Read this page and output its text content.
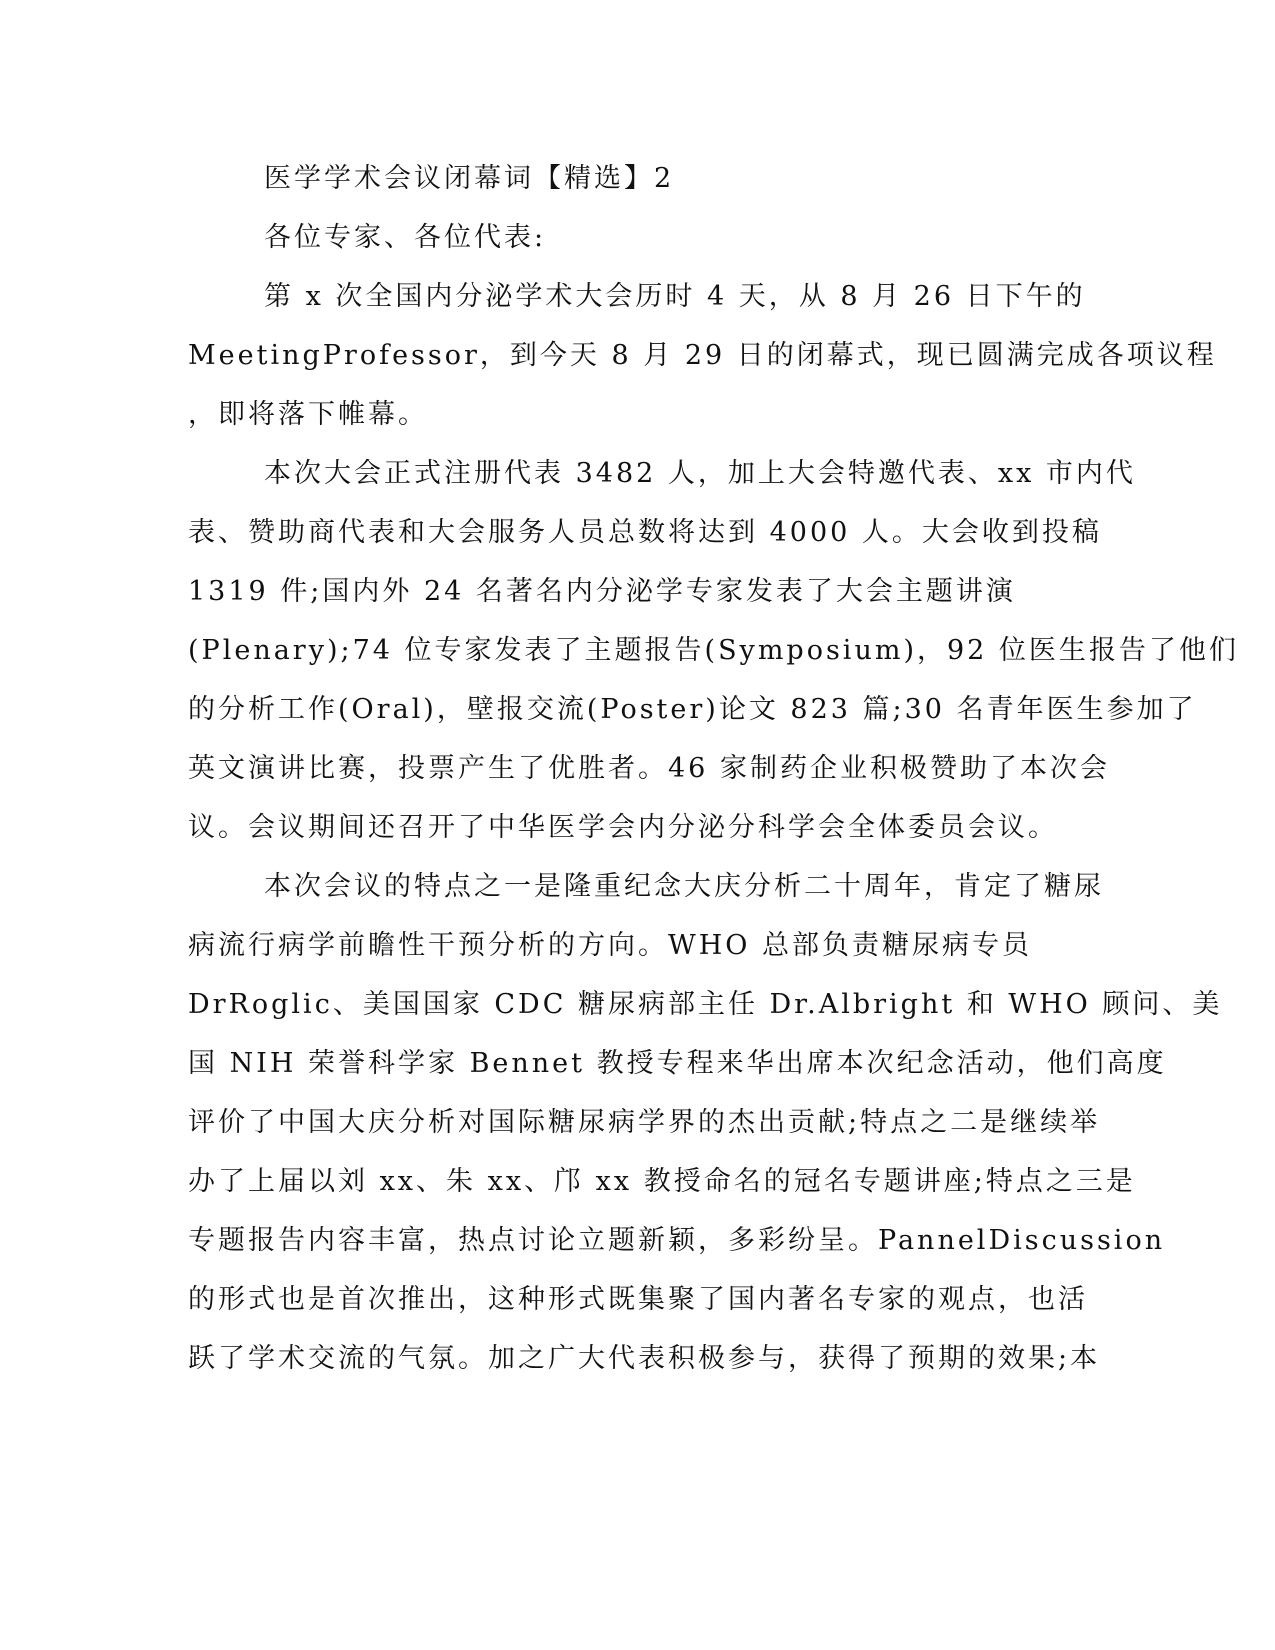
医学学术会议闭幕词【精选】2
各位专家、各位代表:
第 x 次全国内分泌学术大会历时 4 天，从 8 月 26 日下午的
MeetingProfessor，到今天 8 月 29 日的闭幕式，现已圆满完成各项议程
，即将落下帷幕。
本次大会正式注册代表 3482 人，加上大会特邀代表、xx 市内代
表、赞助商代表和大会服务人员总数将达到 4000 人。大会收到投稿
1319 件;国内外 24 名著名内分泌学专家发表了大会主题讲演
(Plenary);74 位专家发表了主题报告(Symposium)，92 位医生报告了他们
的分析工作(Oral)，壁报交流(Poster)论文 823 篇;30 名青年医生参加了
英文演讲比赛，投票产生了优胜者。46 家制药企业积极赞助了本次会
议。会议期间还召开了中华医学会内分泌分科学会全体委员会议。
本次会议的特点之一是隆重纪念大庆分析二十周年，肯定了糖尿
病流行病学前瞻性干预分析的方向。WHO 总部负责糖尿病专员
DrRoglic、美国国家 CDC 糖尿病部主任 Dr.Albright 和 WHO 顾问、美
国 NIH 荣誉科学家 Bennet 教授专程来华出席本次纪念活动，他们高度
评价了中国大庆分析对国际糖尿病学界的杰出贡献;特点之二是继续举
办了上届以刘 xx、朱 xx、邝 xx 教授命名的冠名专题讲座;特点之三是
专题报告内容丰富，热点讨论立题新颖，多彩纷呈。PannelDiscussion
的形式也是首次推出，这种形式既集聚了国内著名专家的观点，也活
跃了学术交流的气氛。加之广大代表积极参与，获得了预期的效果;本
